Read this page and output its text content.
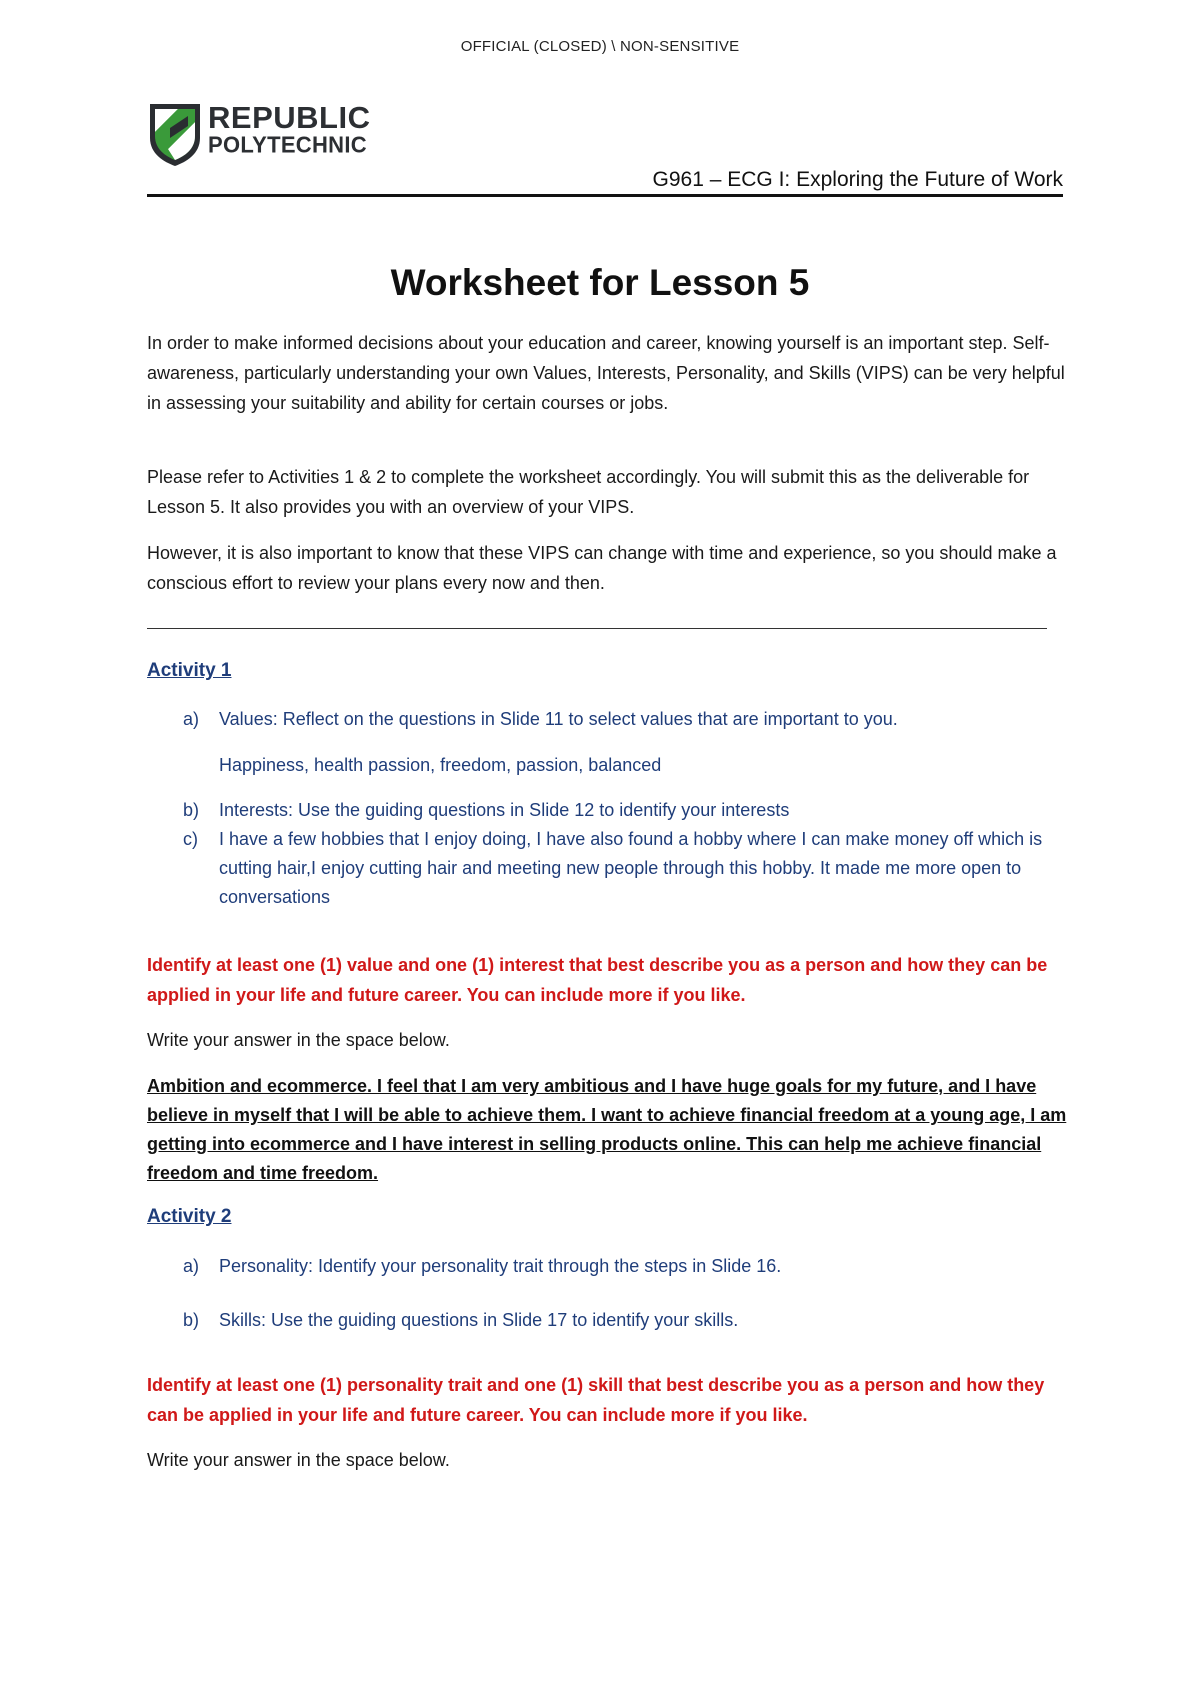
OFFICIAL (CLOSED) \ NON-SENSITIVE
REPUBLIC
POLYTECHNIC
G961 – ECG I: Exploring the Future of Work
Worksheet for Lesson 5

In order to make informed decisions about your education and career, knowing yourself is an important step. Self-awareness, particularly understanding your own Values, Interests, Personality, and Skills (VIPS) can be very helpful in assessing your suitability and ability for certain courses or jobs.

Please refer to Activities 1 & 2 to complete the worksheet accordingly. You will submit this as the deliverable for Lesson 5. It also provides you with an overview of your VIPS.

However, it is also important to know that these VIPS can change with time and experience, so you should make a conscious effort to review your plans every now and then.

Activity 1
a)	Values: Reflect on the questions in Slide 11 to select values that are important to you.
Happiness, health passion, freedom, passion, balanced
b)	Interests: Use the guiding questions in Slide 12 to identify your interests
c)	I have a few hobbies that I enjoy doing, I have also found a hobby where I can make money off which is cutting hair,I enjoy cutting hair and meeting new people through this hobby. It made me more open to conversations
Identify at least one (1) value and one (1) interest that best describe you as a person and how they can be applied in your life and future career. You can include more if you like.
Write your answer in the space below.
Ambition and ecommerce. I feel that I am very ambitious and I have huge goals for my future, and I have believe in myself that I will be able to achieve them. I want to achieve financial freedom at a young age, I am getting into ecommerce and I have interest in selling products online. This can help me achieve financial freedom and time freedom.
Activity 2
a)	Personality: Identify your personality trait through the steps in Slide 16.
b)	Skills: Use the guiding questions in Slide 17 to identify your skills.
Identify at least one (1) personality trait and one (1) skill that best describe you as a person and how they can be applied in your life and future career. You can include more if you like.
Write your answer in the space below.
